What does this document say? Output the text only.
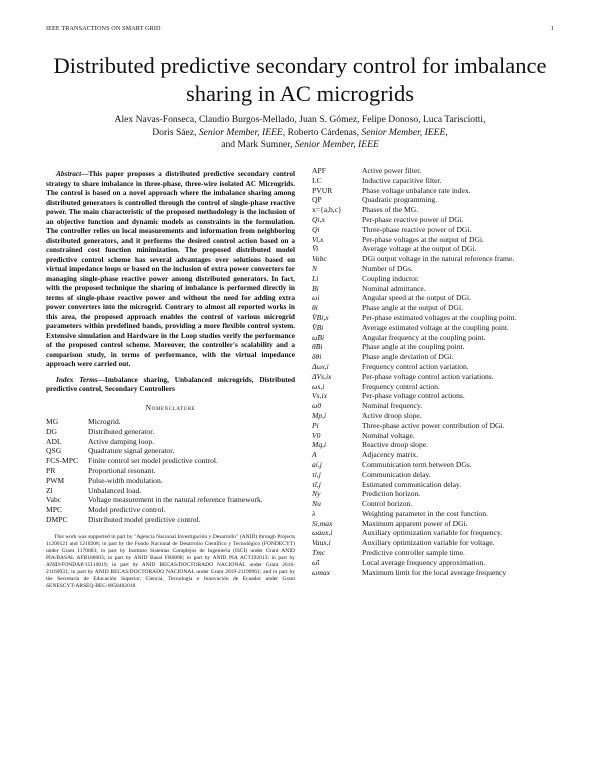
IEEE TRANSACTIONS ON SMART GRID	1
Distributed predictive secondary control for imbalance sharing in AC microgrids
Alex Navas-Fonseca, Claudio Burgos-Mellado, Juan S. Gómez, Felipe Donoso, Luca Tarisciotti,
Doris Sáez, Senior Member, IEEE, Roberto Cárdenas, Senior Member, IEEE,
and Mark Sumner, Senior Member, IEEE

Abstract—This paper proposes a distributed predictive secondary control strategy to share imbalance in three-phase, three-wire isolated AC Microgrids. The control is based on a novel approach where the imbalance sharing among distributed generators is controlled through the control of single-phase reactive power. The main characteristic of the proposed methodology is the inclusion of an objective function and dynamic models as constraints in the formulation. The controller relies on local measurements and information from neighboring distributed generators, and it performs the desired control action based on a constrained cost function minimization. The proposed distributed model predictive control scheme has several advantages over solutions based on virtual impedance loops or based on the inclusion of extra power converters for managing single-phase reactive power among distributed generators. In fact, with the proposed technique the sharing of imbalance is performed directly in terms of single-phase reactive power and without the need for adding extra power converters into the microgrid. Contrary to almost all reported works in this area, the proposed approach enables the control of various microgrid parameters within predefined bands, providing a more flexible control system. Extensive simulation and Hardware in the Loop studies verify the performance of the proposed control scheme. Moreover, the controller's scalability and a comparison study, in terms of performance, with the virtual impedance approach were carried out.

Index Terms—Imbalance sharing, Unbalanced microgrids, Distributed predictive control, Secondary Controllers

Nomenclature
MG	Microgrid.
DG	Distributed generator.
ADL	Active damping loop.
QSG	Quadrature signal generator.
FCS-MPC	Finite control set model predictive control.
PR	Proportional resonant.
PWM	Pulse-width modulation.
Zl	Unbalanced load.
Vabc	Voltage measurement in the natural reference framework.
MPC	Model predictive control.
DMPC	Distributed model predictive control.
This work was supported in part by "Agencia Nacional Investigación y Desarrollo" (ANID) through Projects 11200121 and 1210208; in part by the Fondo Nacional de Desarrollo Científico y Tecnológico (FONDECYT) under Grant 1170683; in part by Instituto Sistemas Complejos de Ingeniería (ISCI) under Grant ANID PIA/BASAL AFB180003; in part by ANID Basal FB0008; in part by ANID PIA ACT192013; in part by ANID/FONDAP/15110019; in part by ANID BECAS/DOCTORADO NACIONAL under Grant 2016-21160931; in part by ANID BECAS/DOCTORADO NACIONAL under Grant 2019-21190961; and in part by the Secretaría de Educación Superior, Ciencia, Tecnología e Innovación de Ecuador under Grant SENESCYT/ARSEQ-BEC-0058482018.
APF	Active power filter.
LC	Inductive capacitive filter.
PVUR	Phase voltage unbalance rate index.
QP	Quadratic programming.
x={a,b,c}	Phases of the MG.
Qi,x	Per-phase reactive power of DGi.
Qi	Three-phase reactive power of DGi.
Vi,x	Per-phase voltages at the output of DGi.
V̄i	Average voltage at the output of DGi.
Vabc	DGi output voltage in the natural reference frame.
N	Number of DGs.
Li	Coupling inductor.
Bi	Nominal admittance.
ωi	Angular speed at the output of DGi.
θi	Phase angle at the output of DGi.
V̂Bi,x	Per-phase estimated voltages at the coupling point.
V̂Bi	Average estimated voltage at the coupling point.
ω̂Bi	Angular frequency at the coupling point.
θ̂Bi	Phase angle at the coupling point.
δθi	Phase angle deviation of DGi.
Δωs,i	Frequency control action variation.
ΔVs,ix	Per-phase voltage control action variations.
ωs,i	Frequency control action.
Vs,ix	Per-phase voltage control actions.
ω0	Nominal frequency.
Mp,i	Active droop slope.
Pi	Three-phase active power contribution of DGi.
V0	Nominal voltage.
Mq,i	Reactive droop slope.
A	Adjacency matrix.
ai,j	Communication term between DGs.
τi,j	Communication delay.
τ̂i,j	Estimated communication delay.
Ny	Prediction horizon.
Nu	Control horizon.
λ	Weighting parameter in the cost function.
Si,max	Maximum apparent power of DGi.
ωaux,i	Auxiliary optimization variable for frequency.
Vaux,i	Auxiliary optimization variable for voltage.
Tmc	Predictive controller sample time.
ω̄i	Local average frequency approximation.
ωmax	Maximum limit for the local average frequency
